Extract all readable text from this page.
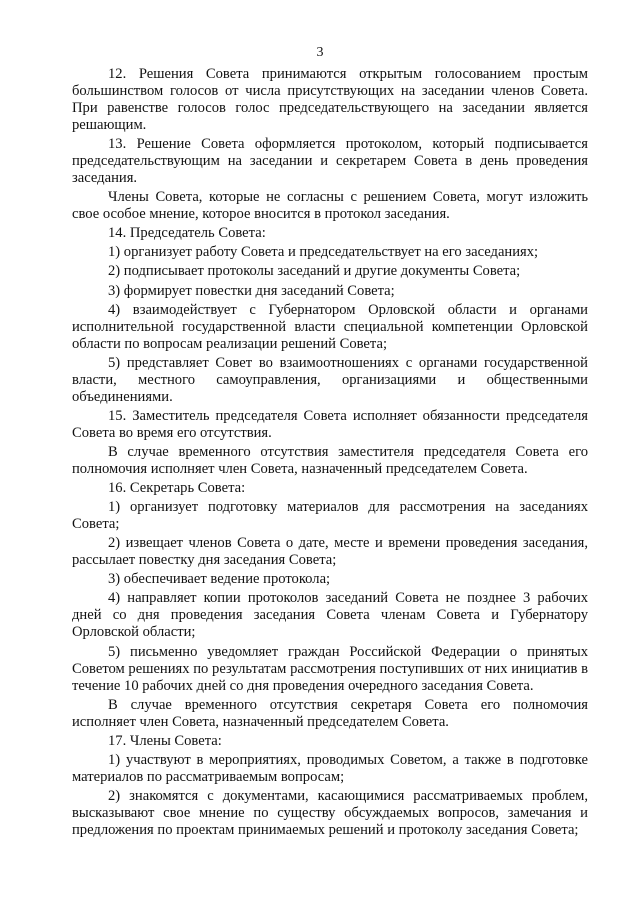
3

12. Решения Совета принимаются открытым голосованием простым большинством голосов от числа присутствующих на заседании членов Совета. При равенстве голосов голос председательствующего на заседании является решающим.

13. Решение Совета оформляется протоколом, который подписывается председательствующим на заседании и секретарем Совета в день проведения заседания.

Члены Совета, которые не согласны с решением Совета, могут изложить свое особое мнение, которое вносится в протокол заседания.

14. Председатель Совета:

1) организует работу Совета и председательствует на его заседаниях;

2) подписывает протоколы заседаний и другие документы Совета;

3) формирует повестки дня заседаний Совета;

4) взаимодействует с Губернатором Орловской области и органами исполнительной государственной власти специальной компетенции Орловской области по вопросам реализации решений Совета;

5) представляет Совет во взаимоотношениях с органами государственной власти, местного самоуправления, организациями и общественными объединениями.

15. Заместитель председателя Совета исполняет обязанности председателя Совета во время его отсутствия.

В случае временного отсутствия заместителя председателя Совета его полномочия исполняет член Совета, назначенный председателем Совета.

16. Секретарь Совета:

1) организует подготовку материалов для рассмотрения на заседаниях Совета;

2) извещает членов Совета о дате, месте и времени проведения заседания, рассылает повестку дня заседания Совета;

3) обеспечивает ведение протокола;

4) направляет копии протоколов заседаний Совета не позднее 3 рабочих дней со дня проведения заседания Совета членам Совета и Губернатору Орловской области;

5) письменно уведомляет граждан Российской Федерации о принятых Советом решениях по результатам рассмотрения поступивших от них инициатив в течение 10 рабочих дней со дня проведения очередного заседания Совета.

В случае временного отсутствия секретаря Совета его полномочия исполняет член Совета, назначенный председателем Совета.

17. Члены Совета:

1) участвуют в мероприятиях, проводимых Советом, а также в подготовке материалов по рассматриваемым вопросам;

2) знакомятся с документами, касающимися рассматриваемых проблем, высказывают свое мнение по существу обсуждаемых вопросов, замечания и предложения по проектам принимаемых решений и протоколу заседания Совета;
